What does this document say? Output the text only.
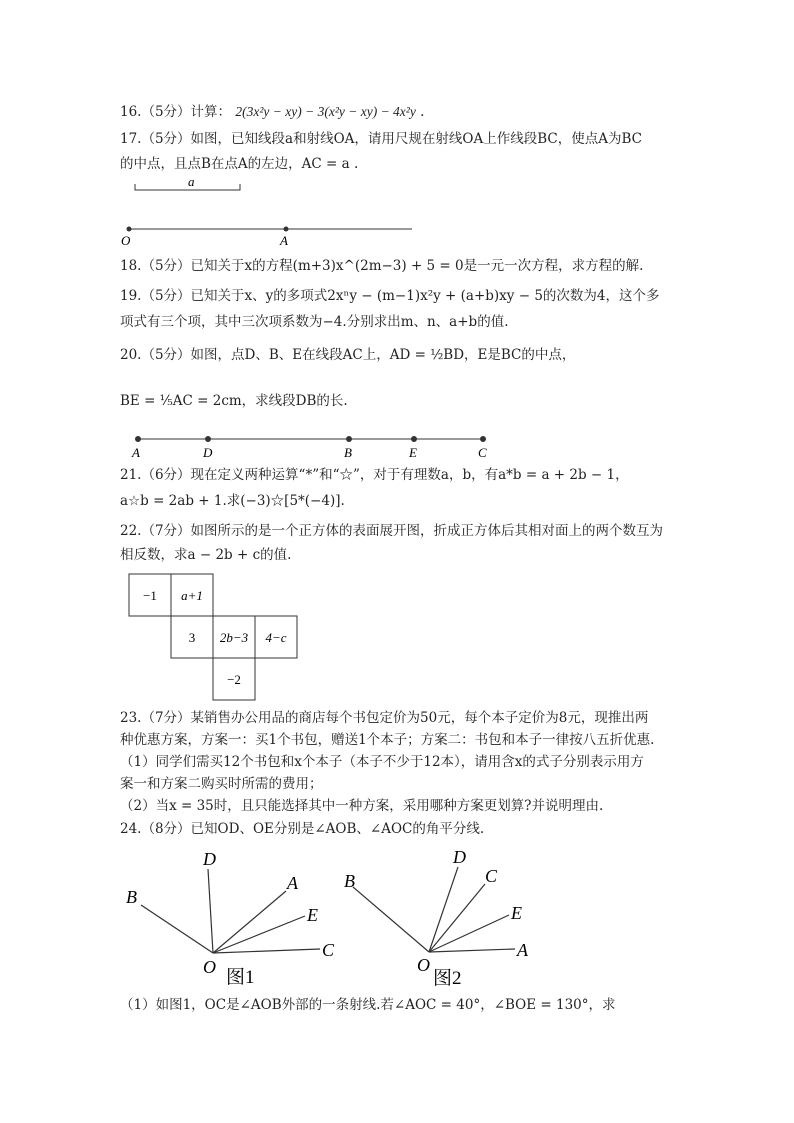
16.（5分）计算： 2(3x²y − xy) − 3(x²y − xy) − 4x²y .
17.（5分）如图，已知线段a和射线OA，请用尺规在射线OA上作线段BC，使点A为BC
的中点，且点B在点A的左边，AC = a .
a
O	A
18.（5分）已知关于x的方程(m+3)x^(2m−3) + 5 = 0是一元一次方程，求方程的解.
19.（5分）已知关于x、y的多项式2xⁿy − (m−1)x²y + (a+b)xy − 5的次数为4，这个多
项式有三个项，其中三次项系数为−4.分别求出m、n、a+b的值.
20.（5分）如图，点D、B、E在线段AC上，AD = ½BD，E是BC的中点，
BE = ⅕AC = 2cm，求线段DB的长.
A	D	B	E	C
21.（6分）现在定义两种运算“*”和“☆”，对于有理数a，b，有a*b = a + 2b − 1，
a☆b = 2ab + 1.求(−3)☆[5*(−4)].
22.（7分）如图所示的是一个正方体的表面展开图，折成正方体后其相对面上的两个数互为
相反数，求a − 2b + c的值.
−1 a+1
3 2b−3 4−c
−2
23.（7分）某销售办公用品的商店每个书包定价为50元，每个本子定价为8元，现推出两
种优惠方案，方案一：买1个书包，赠送1个本子；方案二：书包和本子一律按八五折优惠.
（1）同学们需买12个书包和x个本子（本子不少于12本），请用含x的式子分别表示用方
案一和方案二购买时所需的费用；
（2）当x = 35时，且只能选择其中一种方案，采用哪种方案更划算?并说明理由.
24.（8分）已知OD、OE分别是∠AOB、∠AOC的角平分线.
D
A
B
E
C
O 图1
D
C
B
E
A
O
图2
（1）如图1，OC是∠AOB外部的一条射线.若∠AOC = 40°，∠BOE = 130°，求
